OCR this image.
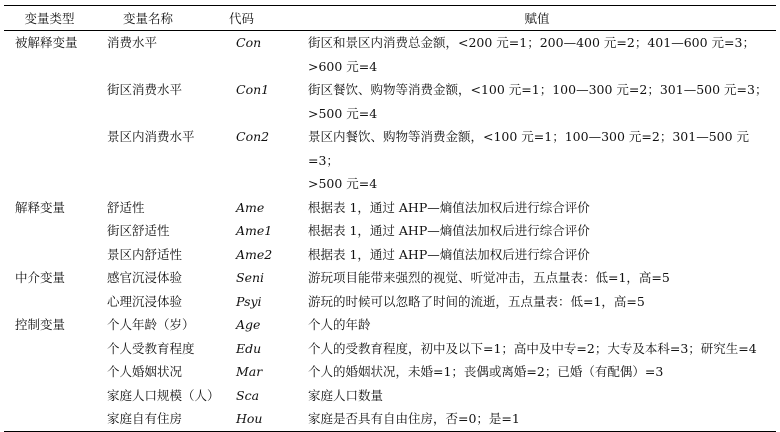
变量类型	变量名称	代码	赋值
被解释变量	消费水平	Con	街区和景区内消费总金额，<200 元=1；200—400 元=2；401—600 元=3；
>600 元=4
	街区消费水平	Con1	街区餐饮、购物等消费金额，<100 元=1；100—300 元=2；301—500 元=3；
>500 元=4
	景区内消费水平	Con2	景区内餐饮、购物等消费金额，<100 元=1；100—300 元=2；301—500 元=3；
>500 元=4
解释变量	舒适性	Ame	根据表 1，通过 AHP—熵值法加权后进行综合评价
	街区舒适性	Ame1	根据表 1，通过 AHP—熵值法加权后进行综合评价
	景区内舒适性	Ame2	根据表 1，通过 AHP—熵值法加权后进行综合评价
中介变量	感官沉浸体验	Seni	游玩项目能带来强烈的视觉、听觉冲击，五点量表：低=1，高=5
	心理沉浸体验	Psyi	游玩的时候可以忽略了时间的流逝，五点量表：低=1，高=5
控制变量	个人年龄（岁）	Age	个人的年龄
	个人受教育程度	Edu	个人的受教育程度，初中及以下=1；高中及中专=2；大专及本科=3；研究生=4
	个人婚姻状况	Mar	个人的婚姻状况，未婚=1；丧偶或离婚=2；已婚（有配偶）=3
	家庭人口规模（人）	Sca	家庭人口数量
	家庭自有住房	Hou	家庭是否具有自由住房，否=0；是=1
